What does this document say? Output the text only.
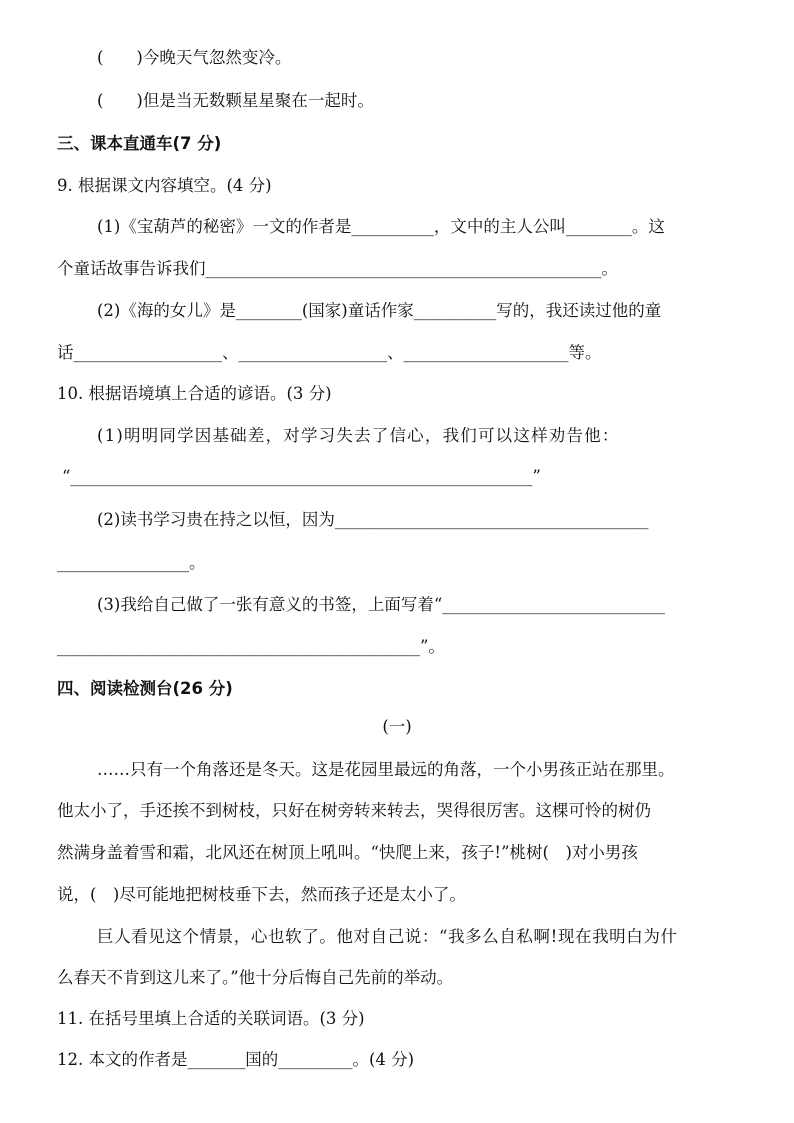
(　　)今晚天气忽然变冷。
(　　)但是当无数颗星星聚在一起时。
三、课本直通车(7 分)
9. 根据课文内容填空。(4 分)
(1)《宝葫芦的秘密》一文的作者是__________，文中的主人公叫________。这
个童话故事告诉我们________________________________________________。
(2)《海的女儿》是________(国家)童话作家__________写的，我还读过他的童
话__________________、__________________、____________________等。
10. 根据语境填上合适的谚语。(3 分)
(1)明明同学因基础差，对学习失去了信心，我们可以这样劝告他：
“________________________________________________________”
(2)读书学习贵在持之以恒，因为______________________________________
________________。
(3)我给自己做了一张有意义的书签，上面写着“___________________________
____________________________________________”。
四、阅读检测台(26 分)
(一)
……只有一个角落还是冬天。这是花园里最远的角落，一个小男孩正站在那里。
他太小了，手还挨不到树枝，只好在树旁转来转去，哭得很厉害。这棵可怜的树仍
然满身盖着雪和霜，北风还在树顶上吼叫。“快爬上来，孩子!”桃树(　)对小男孩
说，(　)尽可能地把树枝垂下去，然而孩子还是太小了。
巨人看见这个情景，心也软了。他对自己说：“我多么自私啊!现在我明白为什
么春天不肯到这儿来了。”他十分后悔自己先前的举动。
11. 在括号里填上合适的关联词语。(3 分)
12. 本文的作者是_______国的_________。(4 分)
